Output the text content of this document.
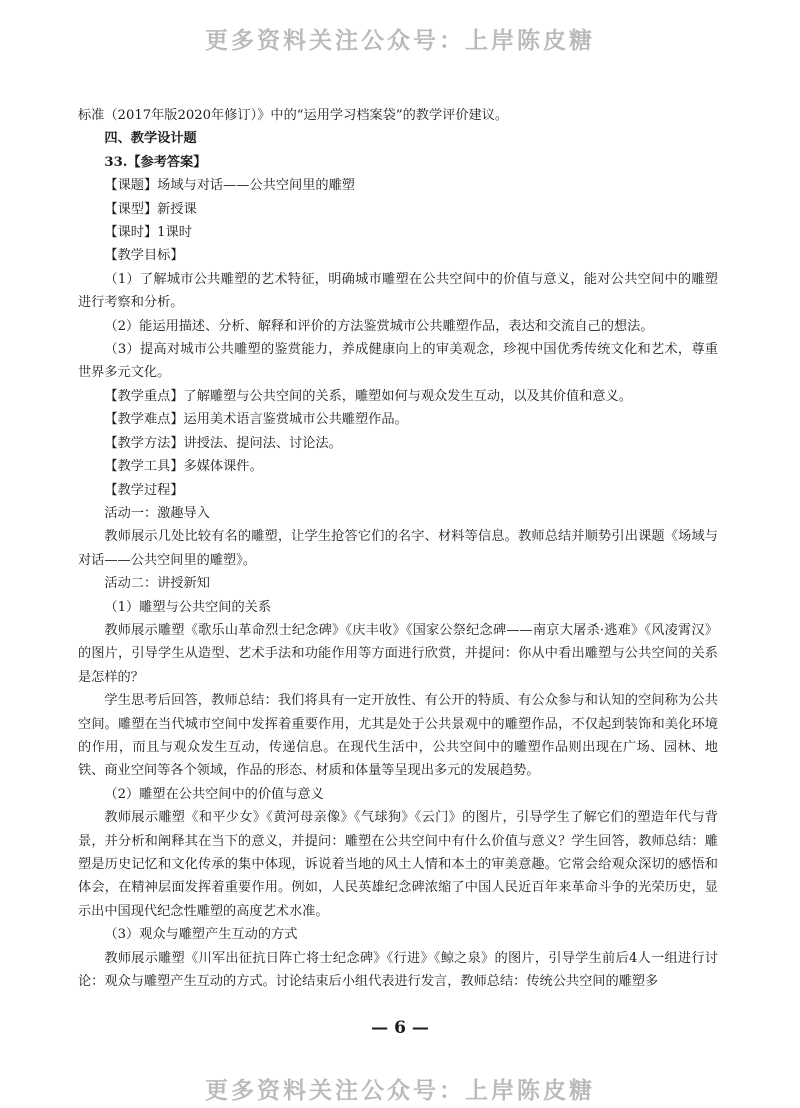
更多资料关注公众号：上岸陈皮糖

标准（2017年版2020年修订）》中的“运用学习档案袋”的教学评价建议。

四、教学设计题

33.【参考答案】

【课题】场域与对话——公共空间里的雕塑

【课型】新授课

【课时】1课时

【教学目标】

（1）了解城市公共雕塑的艺术特征，明确城市雕塑在公共空间中的价值与意义，能对公共空间中的雕塑进行考察和分析。

（2）能运用描述、分析、解释和评价的方法鉴赏城市公共雕塑作品，表达和交流自己的想法。

（3）提高对城市公共雕塑的鉴赏能力，养成健康向上的审美观念，珍视中国优秀传统文化和艺术，尊重世界多元文化。

【教学重点】了解雕塑与公共空间的关系，雕塑如何与观众发生互动，以及其价值和意义。

【教学难点】运用美术语言鉴赏城市公共雕塑作品。

【教学方法】讲授法、提问法、讨论法。

【教学工具】多媒体课件。

【教学过程】

活动一：激趣导入

教师展示几处比较有名的雕塑，让学生抢答它们的名字、材料等信息。教师总结并顺势引出课题《场域与对话——公共空间里的雕塑》。

活动二：讲授新知

（1）雕塑与公共空间的关系

教师展示雕塑《歌乐山革命烈士纪念碑》《庆丰收》《国家公祭纪念碑——南京大屠杀·逃难》《风凌霄汉》的图片，引导学生从造型、艺术手法和功能作用等方面进行欣赏，并提问：你从中看出雕塑与公共空间的关系是怎样的？

学生思考后回答，教师总结：我们将具有一定开放性、有公开的特质、有公众参与和认知的空间称为公共空间。雕塑在当代城市空间中发挥着重要作用，尤其是处于公共景观中的雕塑作品，不仅起到装饰和美化环境的作用，而且与观众发生互动，传递信息。在现代生活中，公共空间中的雕塑作品则出现在广场、园林、地铁、商业空间等各个领域，作品的形态、材质和体量等呈现出多元的发展趋势。

（2）雕塑在公共空间中的价值与意义

教师展示雕塑《和平少女》《黄河母亲像》《气球狗》《云门》的图片，引导学生了解它们的塑造年代与背景，并分析和阐释其在当下的意义，并提问：雕塑在公共空间中有什么价值与意义？学生回答，教师总结：雕塑是历史记忆和文化传承的集中体现，诉说着当地的风土人情和本土的审美意趣。它常会给观众深切的感悟和体会，在精神层面发挥着重要作用。例如，人民英雄纪念碑浓缩了中国人民近百年来革命斗争的光荣历史，显示出中国现代纪念性雕塑的高度艺术水准。

（3）观众与雕塑产生互动的方式

教师展示雕塑《川军出征抗日阵亡将士纪念碑》《行进》《鲸之泉》的图片，引导学生前后4人一组进行讨论：观众与雕塑产生互动的方式。讨论结束后小组代表进行发言，教师总结：传统公共空间的雕塑多

— 6 —
更多资料关注公众号：上岸陈皮糖
